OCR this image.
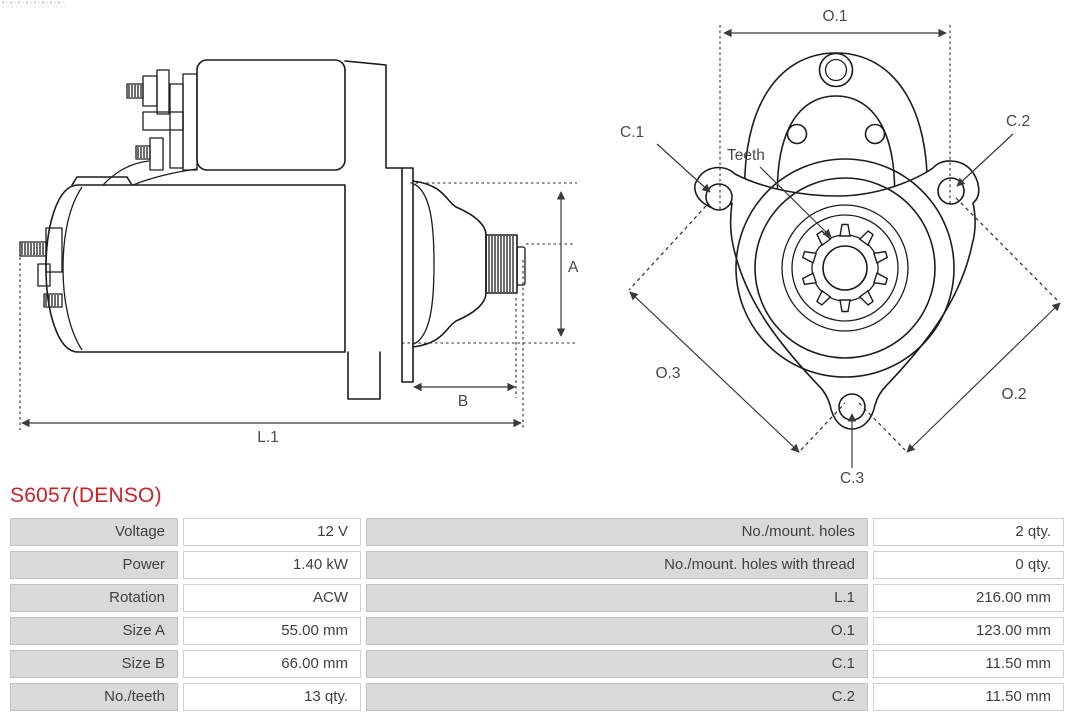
A
B
L.1
O.1
O.3
O.2
C.1
C.2
C.3
Teeth
S6057(DENSO)
Voltage	12 V	No./mount. holes	2 qty.
Power	1.40 kW	No./mount. holes with thread	0 qty.
Rotation	ACW	L.1	216.00 mm
Size A	55.00 mm	O.1	123.00 mm
Size B	66.00 mm	C.1	11.50 mm
No./teeth	13 qty.	C.2	11.50 mm
